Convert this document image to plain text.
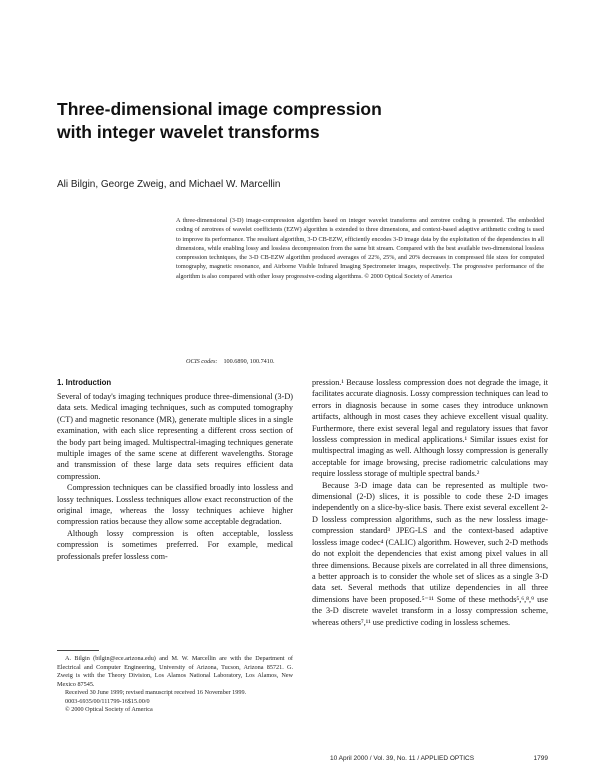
Three-dimensional image compression
with integer wavelet transforms
Ali Bilgin, George Zweig, and Michael W. Marcellin
A three-dimensional (3-D) image-compression algorithm based on integer wavelet transforms and zerotree coding is presented. The embedded coding of zerotrees of wavelet coefficients (EZW) algorithm is extended to three dimensions, and context-based adaptive arithmetic coding is used to improve its performance. The resultant algorithm, 3-D CB-EZW, efficiently encodes 3-D image data by the exploitation of the dependencies in all dimensions, while enabling lossy and lossless decompression from the same bit stream. Compared with the best available two-dimensional lossless compression techniques, the 3-D CB-EZW algorithm produced averages of 22%, 25%, and 20% decreases in compressed file sizes for computed tomography, magnetic resonance, and Airborne Visible Infrared Imaging Spectrometer images, respectively. The progressive performance of the algorithm is also compared with other lossy progressive-coding algorithms. © 2000 Optical Society of America
OCIS codes: 100.6890, 100.7410.
1. Introduction

Several of today's imaging techniques produce three-dimensional (3-D) data sets. Medical imaging techniques, such as computed tomography (CT) and magnetic resonance (MR), generate multiple slices in a single examination, with each slice representing a different cross section of the body part being imaged. Multispectral-imaging techniques generate multiple images of the same scene at different wavelengths. Storage and transmission of these large data sets requires efficient data compression.

Compression techniques can be classified broadly into lossless and lossy techniques. Lossless techniques allow exact reconstruction of the original image, whereas the lossy techniques achieve higher compression ratios because they allow some acceptable degradation.

Although lossy compression is often acceptable, lossless compression is sometimes preferred. For example, medical professionals prefer lossless com-

pression.¹ Because lossless compression does not degrade the image, it facilitates accurate diagnosis. Lossy compression techniques can lead to errors in diagnosis because in some cases they introduce unknown artifacts, although in most cases they achieve excellent visual quality. Furthermore, there exist several legal and regulatory issues that favor lossless compression in medical applications.¹ Similar issues exist for multispectral imaging as well. Although lossy compression is generally acceptable for image browsing, precise radiometric calculations may require lossless storage of multiple spectral bands.²

Because 3-D image data can be represented as multiple two-dimensional (2-D) slices, it is possible to code these 2-D images independently on a slice-by-slice basis. There exist several excellent 2-D lossless compression algorithms, such as the new lossless image-compression standard³ JPEG-LS and the context-based adaptive lossless image codec⁴ (CALIC) algorithm. However, such 2-D methods do not exploit the dependencies that exist among pixel values in all three dimensions. Because pixels are correlated in all three dimensions, a better approach is to consider the whole set of slices as a single 3-D data set. Several methods that utilize dependencies in all three dimensions have been proposed.⁵⁻¹¹ Some of these methods⁵,⁶,⁸,⁹ use the 3-D discrete wavelet transform in a lossy compression scheme, whereas others⁷,¹¹ use predictive coding in lossless schemes.

A. Bilgin (bilgin@ece.arizona.edu) and M. W. Marcellin are with the Department of Electrical and Computer Engineering, University of Arizona, Tucson, Arizona 85721. G. Zweig is with the Theory Division, Los Alamos National Laboratory, Los Alamos, New Mexico 87545.

Received 30 June 1999; revised manuscript received 16 November 1999.

0003-6935/00/111799-16$15.00/0

© 2000 Optical Society of America

10 April 2000 / Vol. 39, No. 11 / APPLIED OPTICS	1799
